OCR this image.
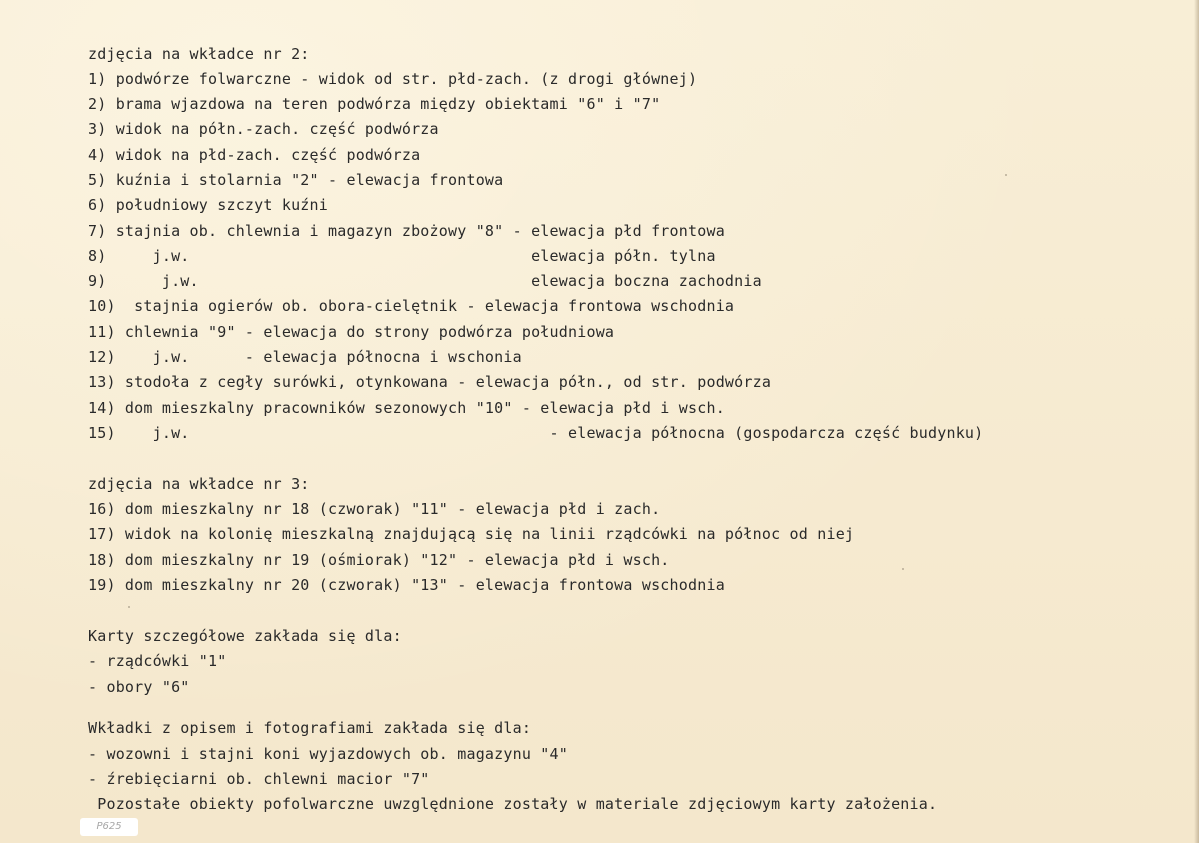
zdjęcia na wkładce nr 2:
1) podwórze folwarczne - widok od str. płd-zach. (z drogi głównej)
2) brama wjazdowa na teren podwórza między obiektami "6" i "7"
3) widok na półn.-zach. część podwórza
4) widok na płd-zach. część podwórza
5) kuźnia i stolarnia "2" - elewacja frontowa
6) południowy szczyt kuźni
7) stajnia ob. chlewnia i magazyn zbożowy "8" - elewacja płd frontowa
8)     j.w.                                     elewacja półn. tylna
9)      j.w.                                    elewacja boczna zachodnia
10)  stajnia ogierów ob. obora-cielętnik - elewacja frontowa wschodnia
11) chlewnia "9" - elewacja do strony podwórza południowa
12)    j.w.      - elewacja północna i wschonia
13) stodoła z cegły surówki, otynkowana - elewacja półn., od str. podwórza
14) dom mieszkalny pracowników sezonowych "10" - elewacja płd i wsch.
15)    j.w.                                       - elewacja północna (gospodarcza część budynku)
zdjęcia na wkładce nr 3:
16) dom mieszkalny nr 18 (czworak) "11" - elewacja płd i zach.
17) widok na kolonię mieszkalną znajdującą się na linii rządcówki na północ od niej
18) dom mieszkalny nr 19 (ośmiorak) "12" - elewacja płd i wsch.
19) dom mieszkalny nr 20 (czworak) "13" - elewacja frontowa wschodnia
Karty szczegółowe zakłada się dla:
- rządcówki "1"
- obory "6"
Wkładki z opisem i fotografiami zakłada się dla:
- wozowni i stajni koni wyjazdowych ob. magazynu "4"
- źrebięciarni ob. chlewni macior "7"
Pozostałe obiekty pofolwarczne uwzględnione zostały w materiale zdjęciowym karty założenia.
P625
